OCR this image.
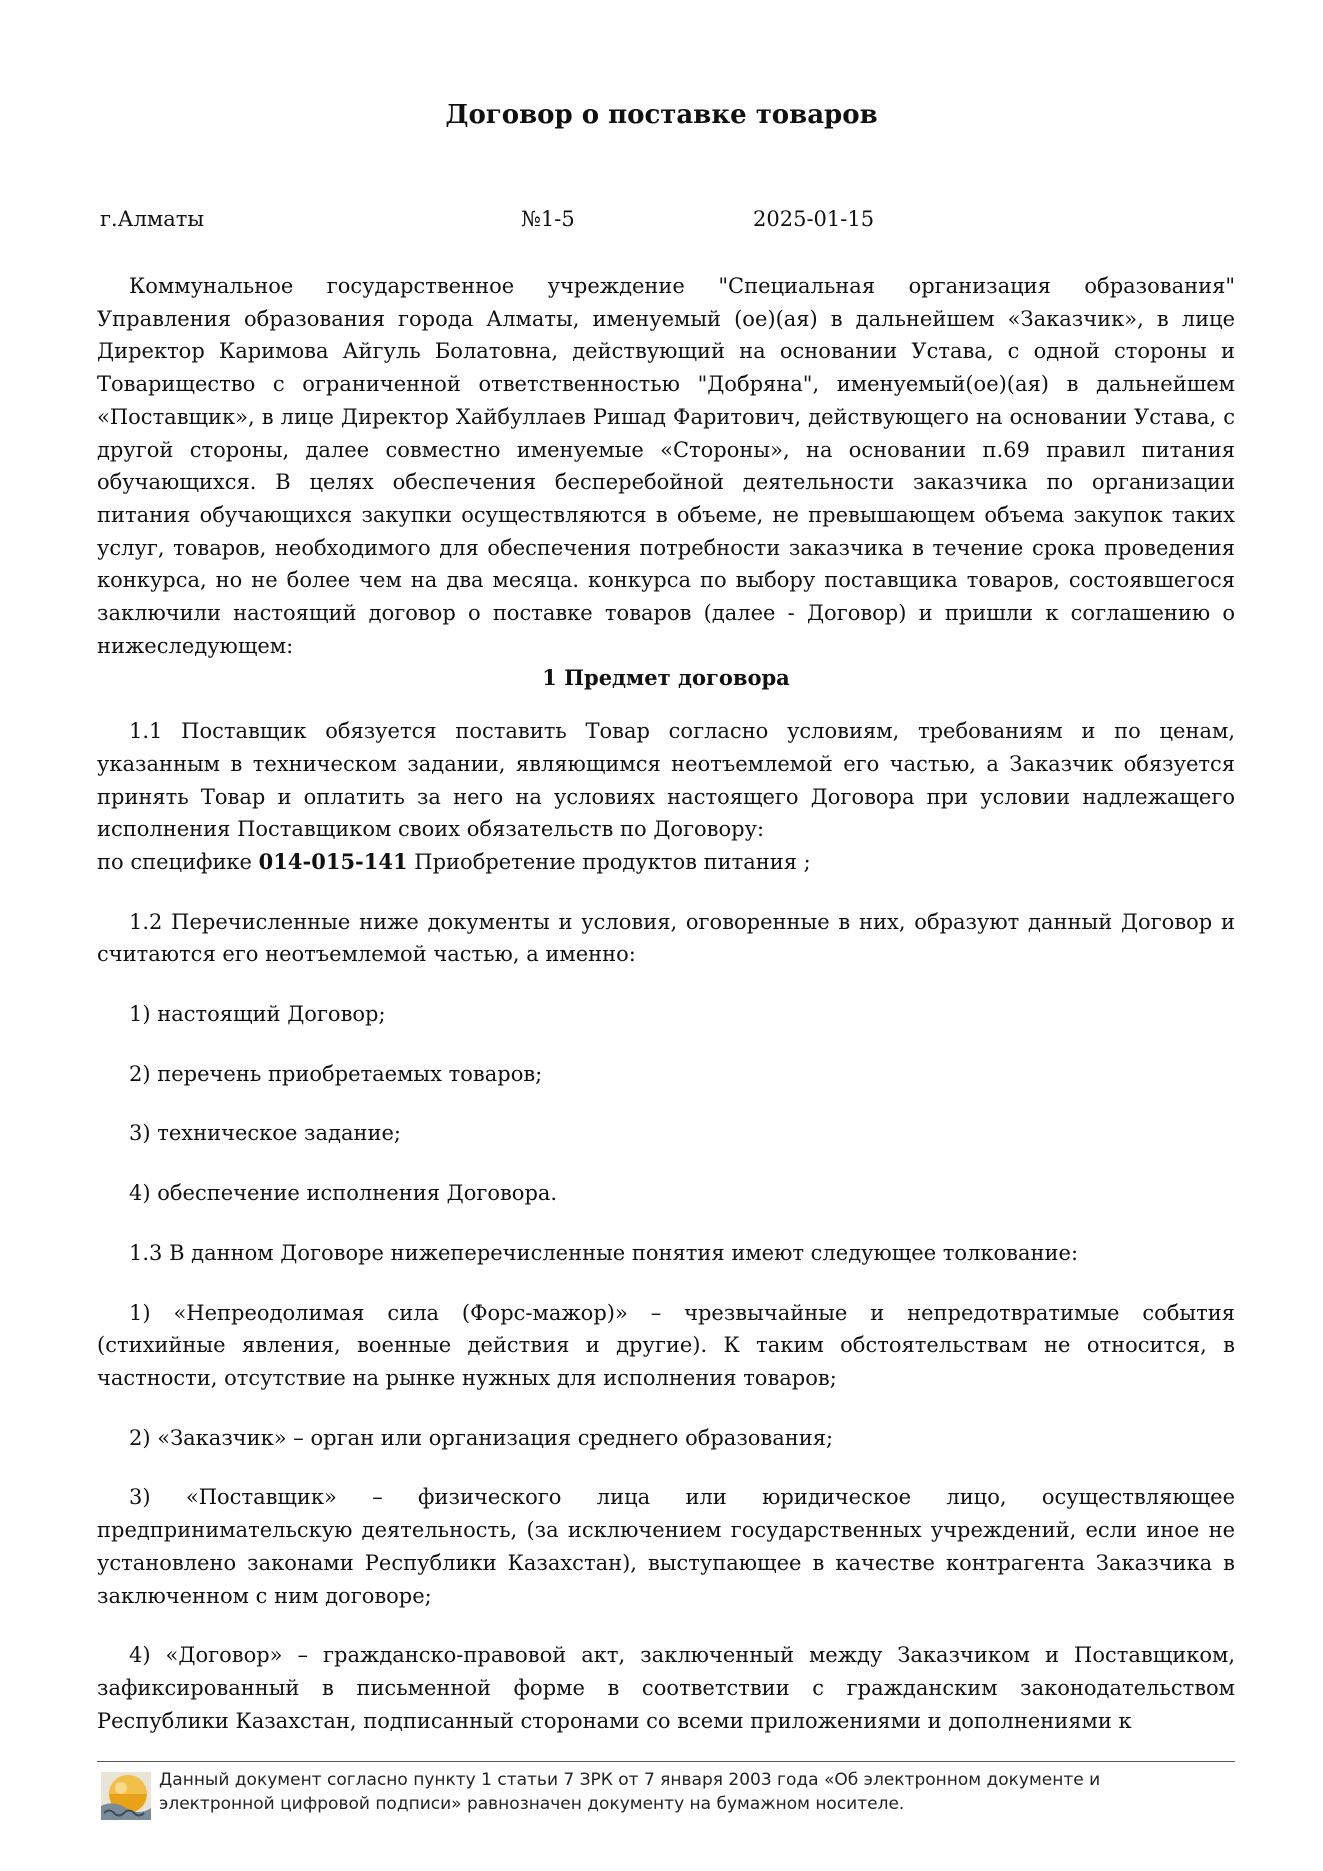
Договор о поставке товаров
г.Алматы	№1-5	2025-01-15

Коммунальное государственное учреждение "Специальная организация образования" Управления образования города Алматы, именуемый (ое)(ая) в дальнейшем «Заказчик», в лице Директор Каримова Айгуль Болатовна, действующий на основании Устава, с одной стороны и Товарищество с ограниченной ответственностью "Добряна", именуемый(ое)(ая) в дальнейшем «Поставщик», в лице Директор Хайбуллаев Ришад Фаритович, действующего на основании Устава, с другой стороны, далее совместно именуемые «Стороны», на основании п.69 правил питания обучающихся. В целях обеспечения бесперебойной деятельности заказчика по организации питания обучающихся закупки осуществляются в объеме, не превышающем объема закупок таких услуг, товаров, необходимого для обеспечения потребности заказчика в течение срока проведения конкурса, но не более чем на два месяца. конкурса по выбору поставщика товаров, состоявшегося заключили настоящий договор о поставке товаров (далее - Договор) и пришли к соглашению о нижеследующем:

1 Предмет договора

1.1 Поставщик обязуется поставить Товар согласно условиям, требованиям и по ценам, указанным в техническом задании, являющимся неотъемлемой его частью, а Заказчик обязуется принять Товар и оплатить за него на условиях настоящего Договора при условии надлежащего исполнения Поставщиком своих обязательств по Договору:

по специфике 014-015-141 Приобретение продуктов питания ;

1.2 Перечисленные ниже документы и условия, оговоренные в них, образуют данный Договор и считаются его неотъемлемой частью, а именно:

1) настоящий Договор;

2) перечень приобретаемых товаров;

3) техническое задание;

4) обеспечение исполнения Договора.

1.3 В данном Договоре нижеперечисленные понятия имеют следующее толкование:

1) «Непреодолимая сила (Форс-мажор)» – чрезвычайные и непредотвратимые события (стихийные явления, военные действия и другие). К таким обстоятельствам не относится, в частности, отсутствие на рынке нужных для исполнения товаров;

2) «Заказчик» – орган или организация среднего образования;

3) «Поставщик» – физического лица или юридическое лицо, осуществляющее предпринимательскую деятельность, (за исключением государственных учреждений, если иное не установлено законами Республики Казахстан), выступающее в качестве контрагента Заказчика в заключенном с ним договоре;

4) «Договор» – гражданско-правовой акт, заключенный между Заказчиком и Поставщиком, зафиксированный в письменной форме в соответствии с гражданским законодательством Республики Казахстан, подписанный сторонами со всеми приложениями и дополнениями к

Данный документ согласно пункту 1 статьи 7 ЗРК от 7 января 2003 года «Об электронном документе и
электронной цифровой подписи» равнозначен документу на бумажном носителе.
